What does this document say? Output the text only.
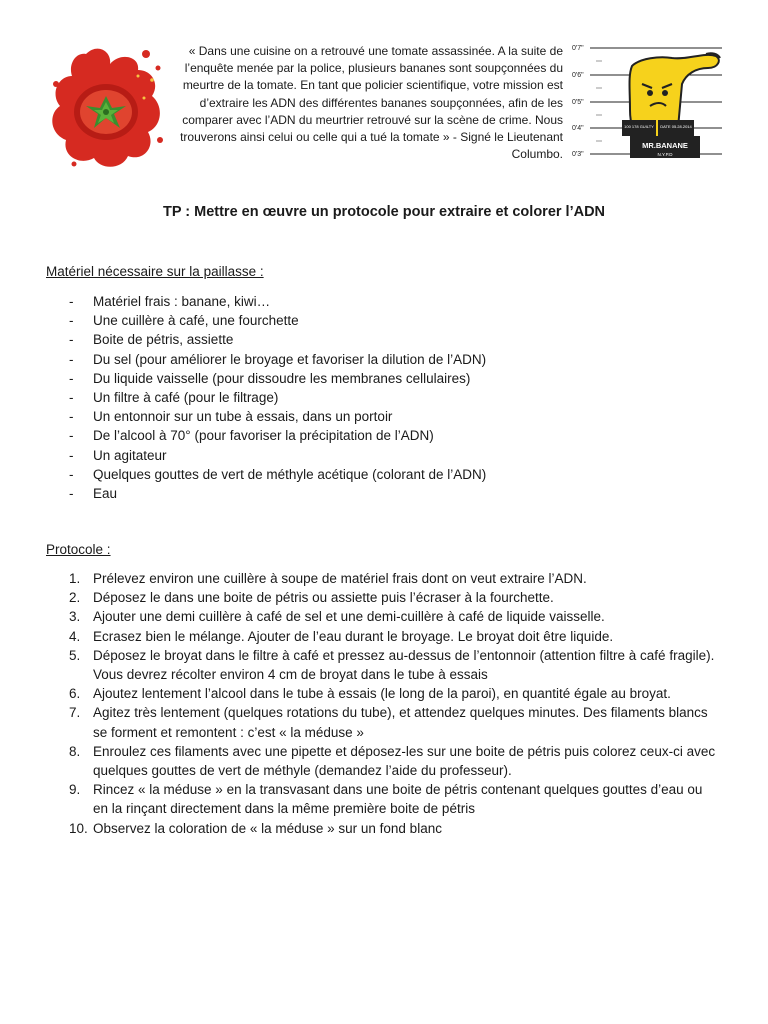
« Dans une cuisine on a retrouvé une tomate assassinée. A la suite de l’enquête menée par la police, plusieurs bananes sont soupçonnées du meurtre de la tomate. En tant que policier scientifique, votre mission est d’extraire les ADN des différentes bananes soupçonnées, afin de les comparer avec l’ADN du meurtrier retrouvé sur la scène de crime. Nous trouverons ainsi celui ou celle qui a tué la tomate » - Signé le Lieutenant Columbo.

0'7"
0'6"
0'5"
0'4"
0'3"
100 178 GUILTY DATE 05.28.2014
MR.BANANE
N.Y.P.D
TP : Mettre en œuvre un protocole pour extraire et colorer l’ADN

Matériel nécessaire sur la paillasse :

- Matériel frais : banane, kiwi…
- Une cuillère à café, une fourchette
- Boite de pétris, assiette
- Du sel (pour améliorer le broyage et favoriser la dilution de l’ADN)
- Du liquide vaisselle (pour dissoudre les membranes cellulaires)
- Un filtre à café (pour le filtrage)
- Un entonnoir sur un tube à essais, dans un portoir
- De l’alcool à 70° (pour favoriser la précipitation de l’ADN)
- Un agitateur
- Quelques gouttes de vert de méthyle acétique (colorant de l’ADN)
- Eau

Protocole :

1. Prélevez environ une cuillère à soupe de matériel frais dont on veut extraire l’ADN.
2. Déposez le dans une boite de pétris ou assiette puis l’écraser à la fourchette.
3. Ajouter une demi cuillère à café de sel et une demi-cuillère à café de liquide vaisselle.
4. Ecrasez bien le mélange. Ajouter de l’eau durant le broyage. Le broyat doit être liquide.
5. Déposez le broyat dans le filtre à café et pressez au-dessus de l’entonnoir (attention filtre à café fragile). Vous devrez récolter environ 4 cm de broyat dans le tube à essais
6. Ajoutez lentement l’alcool dans le tube à essais (le long de la paroi), en quantité égale au broyat.
7. Agitez très lentement (quelques rotations du tube), et attendez quelques minutes. Des filaments blancs se forment et remontent : c’est « la méduse »
8. Enroulez ces filaments avec une pipette et déposez-les sur une boite de pétris puis colorez ceux-ci avec quelques gouttes de vert de méthyle (demandez l’aide du professeur).
9. Rincez « la méduse » en la transvasant dans une boite de pétris contenant quelques gouttes d’eau ou en la rinçant directement dans la même première boite de pétris
10. Observez la coloration de « la méduse » sur un fond blanc
